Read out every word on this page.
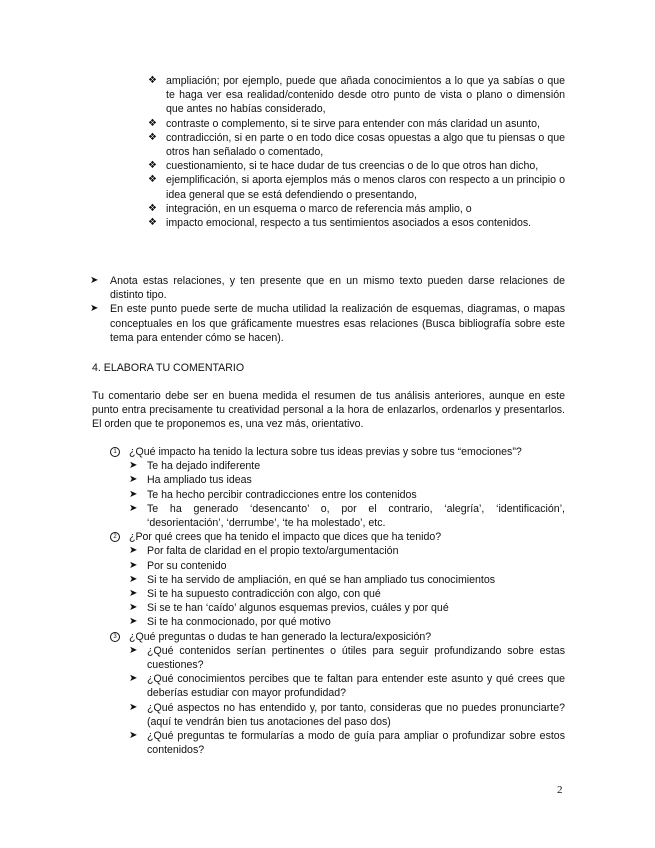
❖ ampliación; por ejemplo, puede que añada conocimientos a lo que ya sabías o que te haga ver esa realidad/contenido desde otro punto de vista o plano o dimensión que antes no habías considerado,
❖ contraste o complemento, si te sirve para entender con más claridad un asunto,
❖ contradicción, si en parte o en todo dice cosas opuestas a algo que tu piensas o que otros han señalado o comentado,
❖ cuestionamiento, si te hace dudar de tus creencias o de lo que otros han dicho,
❖ ejemplificación, si aporta ejemplos más o menos claros con respecto a un principio o idea general que se está defendiendo o presentando,
❖ integración, en un esquema o marco de referencia más amplio, o
❖ impacto emocional, respecto a tus sentimientos asociados a esos contenidos.
➤ Anota estas relaciones, y ten presente que en un mismo texto pueden darse relaciones de distinto tipo.
➤ En este punto puede serte de mucha utilidad la realización de esquemas, diagramas, o mapas conceptuales en los que gráficamente muestres esas relaciones (Busca bibliografía sobre este tema para entender cómo se hacen).
4. ELABORA TU COMENTARIO
Tu comentario debe ser en buena medida el resumen de tus análisis anteriores, aunque en este punto entra precisamente tu creatividad personal a la hora de enlazarlos, ordenarlos y presentarlos. El orden que te proponemos es, una vez más, orientativo.
1	¿Qué impacto ha tenido la lectura sobre tus ideas previas y sobre tus “emociones”?
➤ Te ha dejado indiferente
➤ Ha ampliado tus ideas
➤ Te ha hecho percibir contradicciones entre los contenidos
➤ Te ha generado ‘desencanto’ o, por el contrario, ‘alegría’, ‘identificación’, ‘desorientación’, ‘derrumbe’, ‘te ha molestado’, etc.
2	¿Por qué crees que ha tenido el impacto que dices que ha tenido?
➤ Por falta de claridad en el propio texto/argumentación
➤ Por su contenido
➤ Si te ha servido de ampliación, en qué se han ampliado tus conocimientos
➤ Si te ha supuesto contradicción con algo, con qué
➤ Si se te han ‘caído’ algunos esquemas previos, cuáles y por qué
➤ Si te ha conmocionado, por qué motivo
3	¿Qué preguntas o dudas te han generado la lectura/exposición?
➤ ¿Qué contenidos serían pertinentes o útiles para seguir profundizando sobre estas cuestiones?
➤ ¿Qué conocimientos percibes que te faltan para entender este asunto y qué crees que deberías estudiar con mayor profundidad?
➤ ¿Qué aspectos no has entendido y, por tanto, consideras que no puedes pronunciarte? (aquí te vendrán bien tus anotaciones del paso dos)
➤ ¿Qué preguntas te formularías a modo de guía para ampliar o profundizar sobre estos contenidos?
2
